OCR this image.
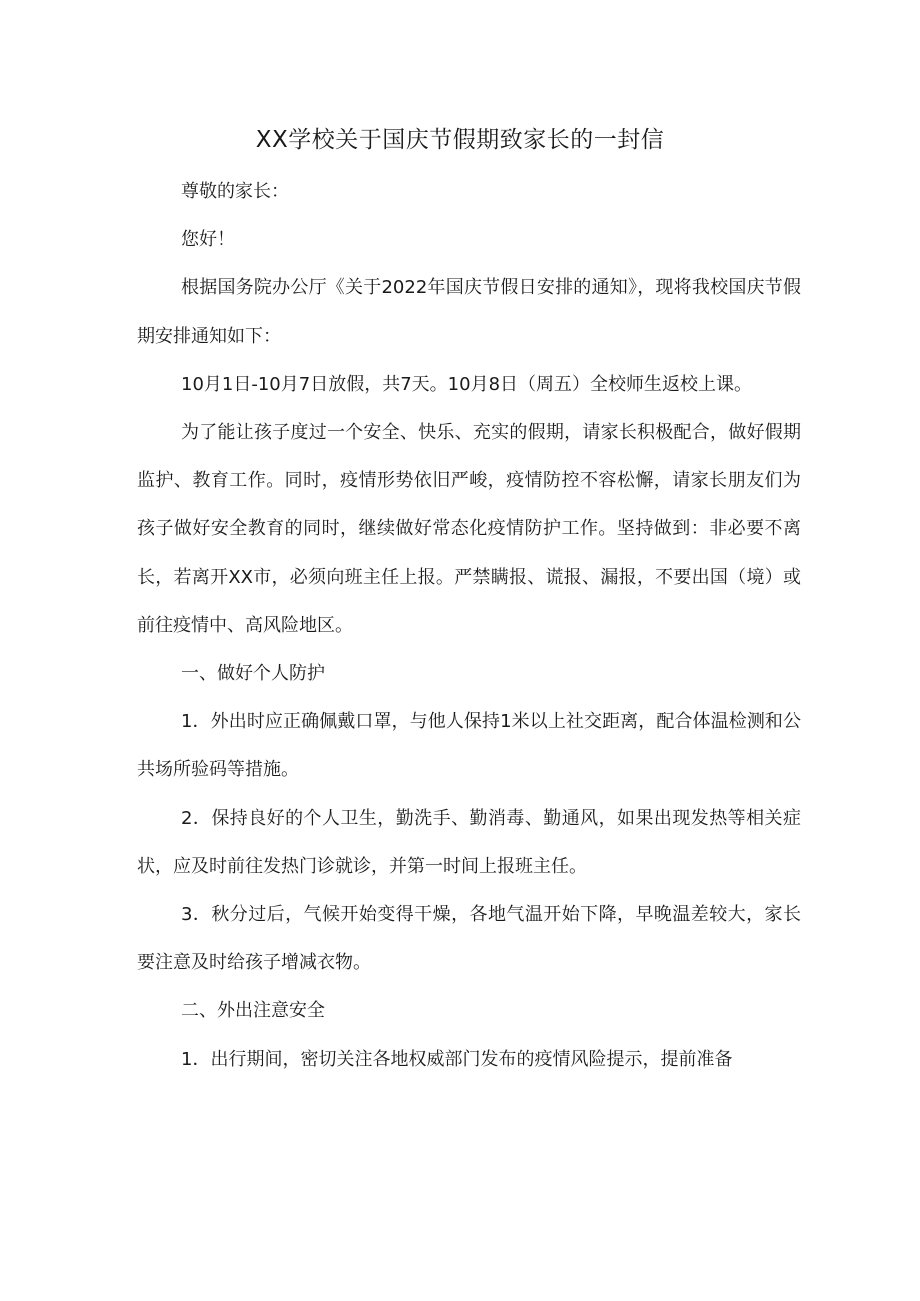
XX学校关于国庆节假期致家长的一封信

尊敬的家长：

您好！

根据国务院办公厅《关于2022年国庆节假日安排的通知》，现将我校国庆节假期安排通知如下：

10月1日-10月7日放假，共7天。10月8日（周五）全校师生返校上课。

为了能让孩子度过一个安全、快乐、充实的假期，请家长积极配合，做好假期监护、教育工作。同时，疫情形势依旧严峻，疫情防控不容松懈，请家长朋友们为孩子做好安全教育的同时，继续做好常态化疫情防护工作。坚持做到：非必要不离长，若离开XX市，必须向班主任上报。严禁瞒报、谎报、漏报，不要出国（境）或前往疫情中、高风险地区。

一、做好个人防护

1．外出时应正确佩戴口罩，与他人保持1米以上社交距离，配合体温检测和公共场所验码等措施。

2．保持良好的个人卫生，勤洗手、勤消毒、勤通风，如果出现发热等相关症状，应及时前往发热门诊就诊，并第一时间上报班主任。

3．秋分过后，气候开始变得干燥，各地气温开始下降，早晚温差较大，家长要注意及时给孩子增减衣物。

二、外出注意安全

1．出行期间，密切关注各地权威部门发布的疫情风险提示，提前准备
